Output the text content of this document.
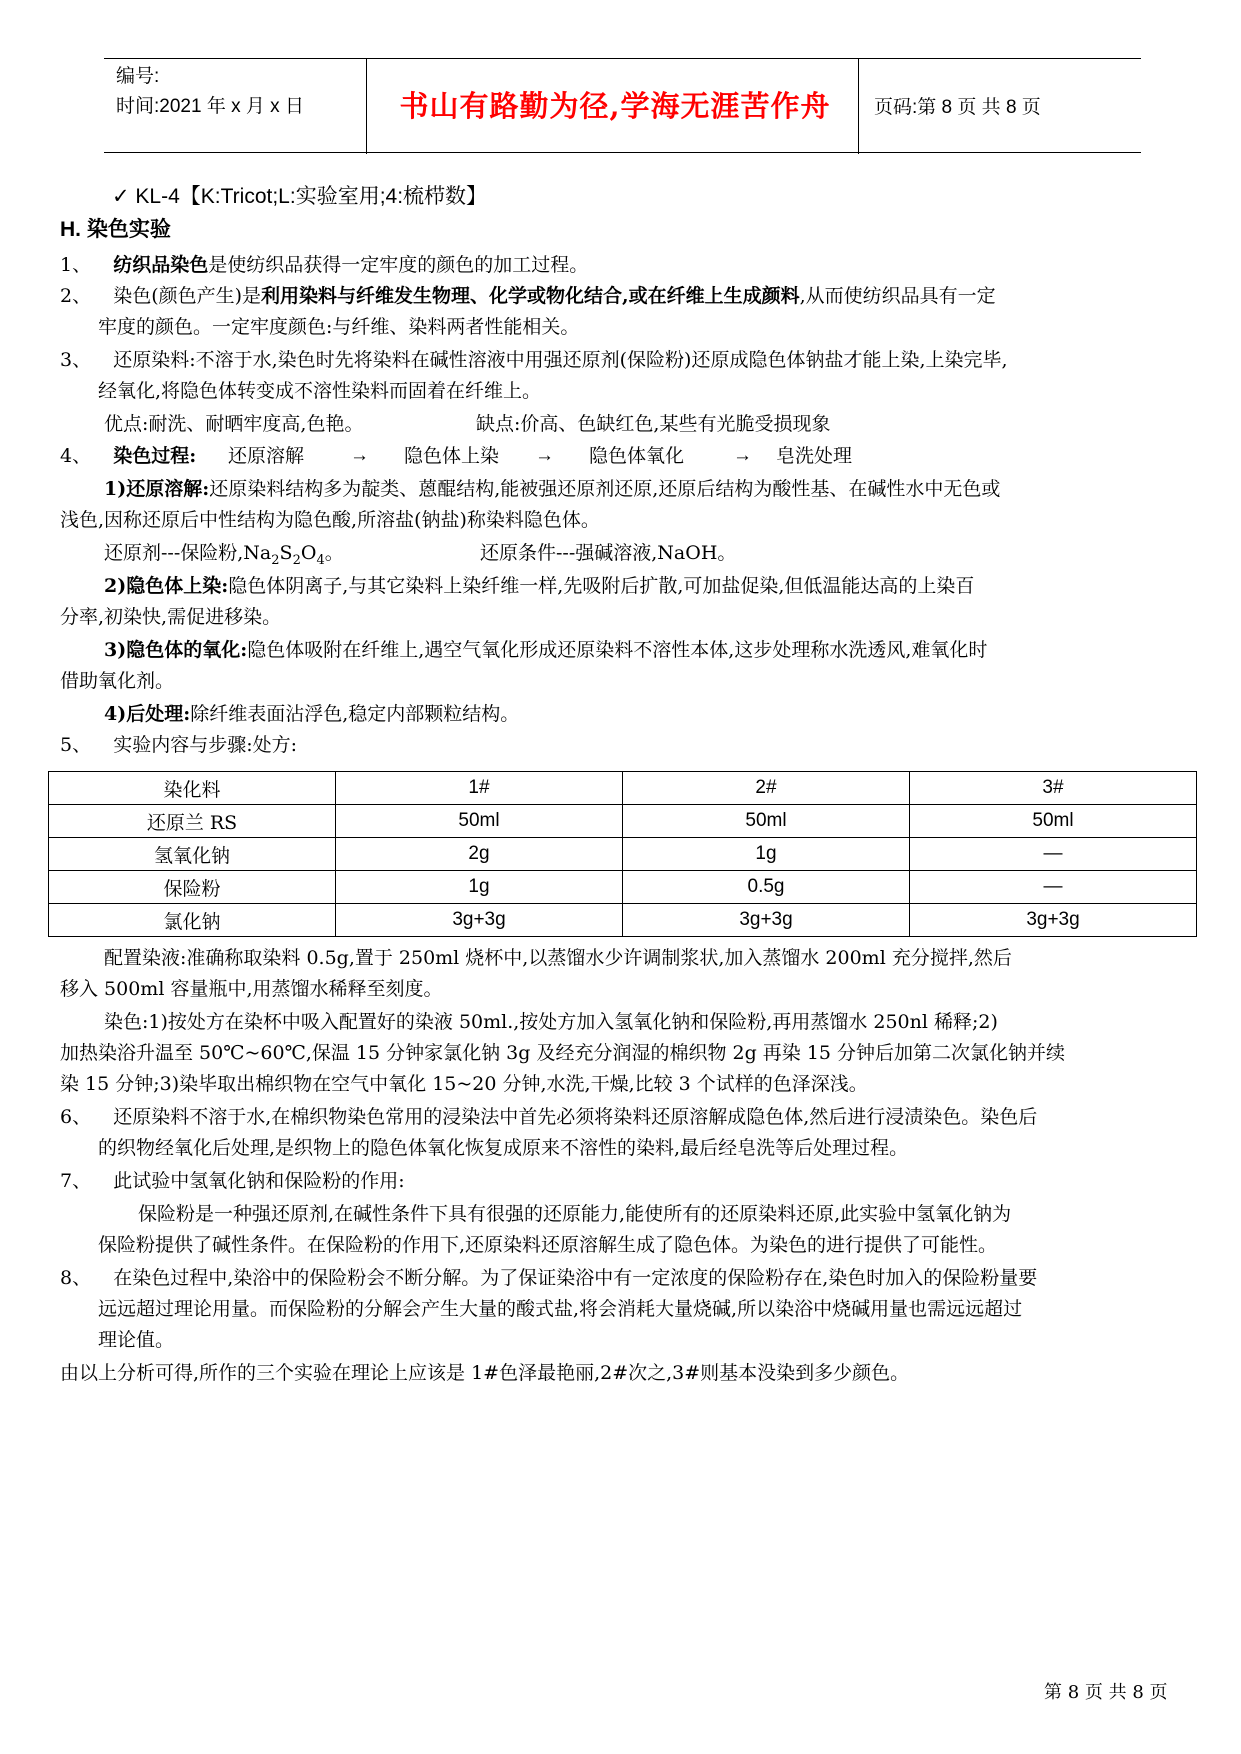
编号:
时间:2021 年 x 月 x 日	书山有路勤为径,学海无涯苦作舟	页码:第 8 页 共 8 页
✓ KL-4【K:Tricot;L:实验室用;4:梳栉数】
H. 染色实验
1、 纺织品染色是使纺织品获得一定牢度的颜色的加工过程。
2、 染色(颜色产生)是利用染料与纤维发生物理、化学或物化结合,或在纤维上生成颜料,从而使纺织品具有一定
牢度的颜色。一定牢度颜色:与纤维、染料两者性能相关。
3、 还原染料:不溶于水,染色时先将染料在碱性溶液中用强还原剂(保险粉)还原成隐色体钠盐才能上染,上染完毕,
经氧化,将隐色体转变成不溶性染料而固着在纤维上。
优点:耐洗、耐晒牢度高,色艳。	缺点:价高、色缺红色,某些有光脆受损现象
4、 染色过程: 还原溶解 → 隐色体上染 → 隐色体氧化	→ 皂洗处理
1)还原溶解:还原染料结构多为靛类、蒽醌结构,能被强还原剂还原,还原后结构为酸性基、在碱性水中无色或
浅色,因称还原后中性结构为隐色酸,所溶盐(钠盐)称染料隐色体。
还原剂---保险粉$,Na_2S_2O_4$。	还原条件---强碱溶液,NaOH。
2)隐色体上染:隐色体阴离子,与其它染料上染纤维一样,先吸附后扩散,可加盐促染,但低温能达高的上染百
分率,初染快,需促进移染。
3)隐色体的氧化:隐色体吸附在纤维上,遇空气氧化形成还原染料不溶性本体,这步处理称水洗透风,难氧化时
借助氧化剂。
4)后处理:除纤维表面沾浮色,稳定内部颗粒结构。
5、 实验内容与步骤:处方:
染化料	1#	2#	3#
还原兰 RS	50ml	50ml	50ml
氢氧化钠	2g	1g	—
保险粉	1g	0.5g	—
氯化钠	3g+3g	3g+3g	3g+3g
配置染液:准确称取染料 0.5g,置于 250ml 烧杯中,以蒸馏水少许调制浆状,加入蒸馏水 200ml 充分搅拌,然后
移入 500ml 容量瓶中,用蒸馏水稀释至刻度。
染色:1)按处方在染杯中吸入配置好的染液 50ml.,按处方加入氢氧化钠和保险粉,再用蒸馏水 250nl 稀释;2)
加热染浴升温至 50℃~60℃,保温 15 分钟家氯化钠 3g 及经充分润湿的棉织物 2g 再染 15 分钟后加第二次氯化钠并续
染 15 分钟;3)染毕取出棉织物在空气中氧化 15~20 分钟,水洗,干燥,比较 3 个试样的色泽深浅。
6、 还原染料不溶于水,在棉织物染色常用的浸染法中首先必须将染料还原溶解成隐色体,然后进行浸渍染色。染色后
的织物经氧化后处理,是织物上的隐色体氧化恢复成原来不溶性的染料,最后经皂洗等后处理过程。
7、 此试验中氢氧化钠和保险粉的作用:
保险粉是一种强还原剂,在碱性条件下具有很强的还原能力,能使所有的还原染料还原,此实验中氢氧化钠为
保险粉提供了碱性条件。在保险粉的作用下,还原染料还原溶解生成了隐色体。为染色的进行提供了可能性。
8、 在染色过程中,染浴中的保险粉会不断分解。为了保证染浴中有一定浓度的保险粉存在,染色时加入的保险粉量要
远远超过理论用量。而保险粉的分解会产生大量的酸式盐,将会消耗大量烧碱,所以染浴中烧碱用量也需远远超过
理论值。
由以上分析可得,所作的三个实验在理论上应该是 1#色泽最艳丽,2#次之,3#则基本没染到多少颜色。
第 8 页 共 8 页
